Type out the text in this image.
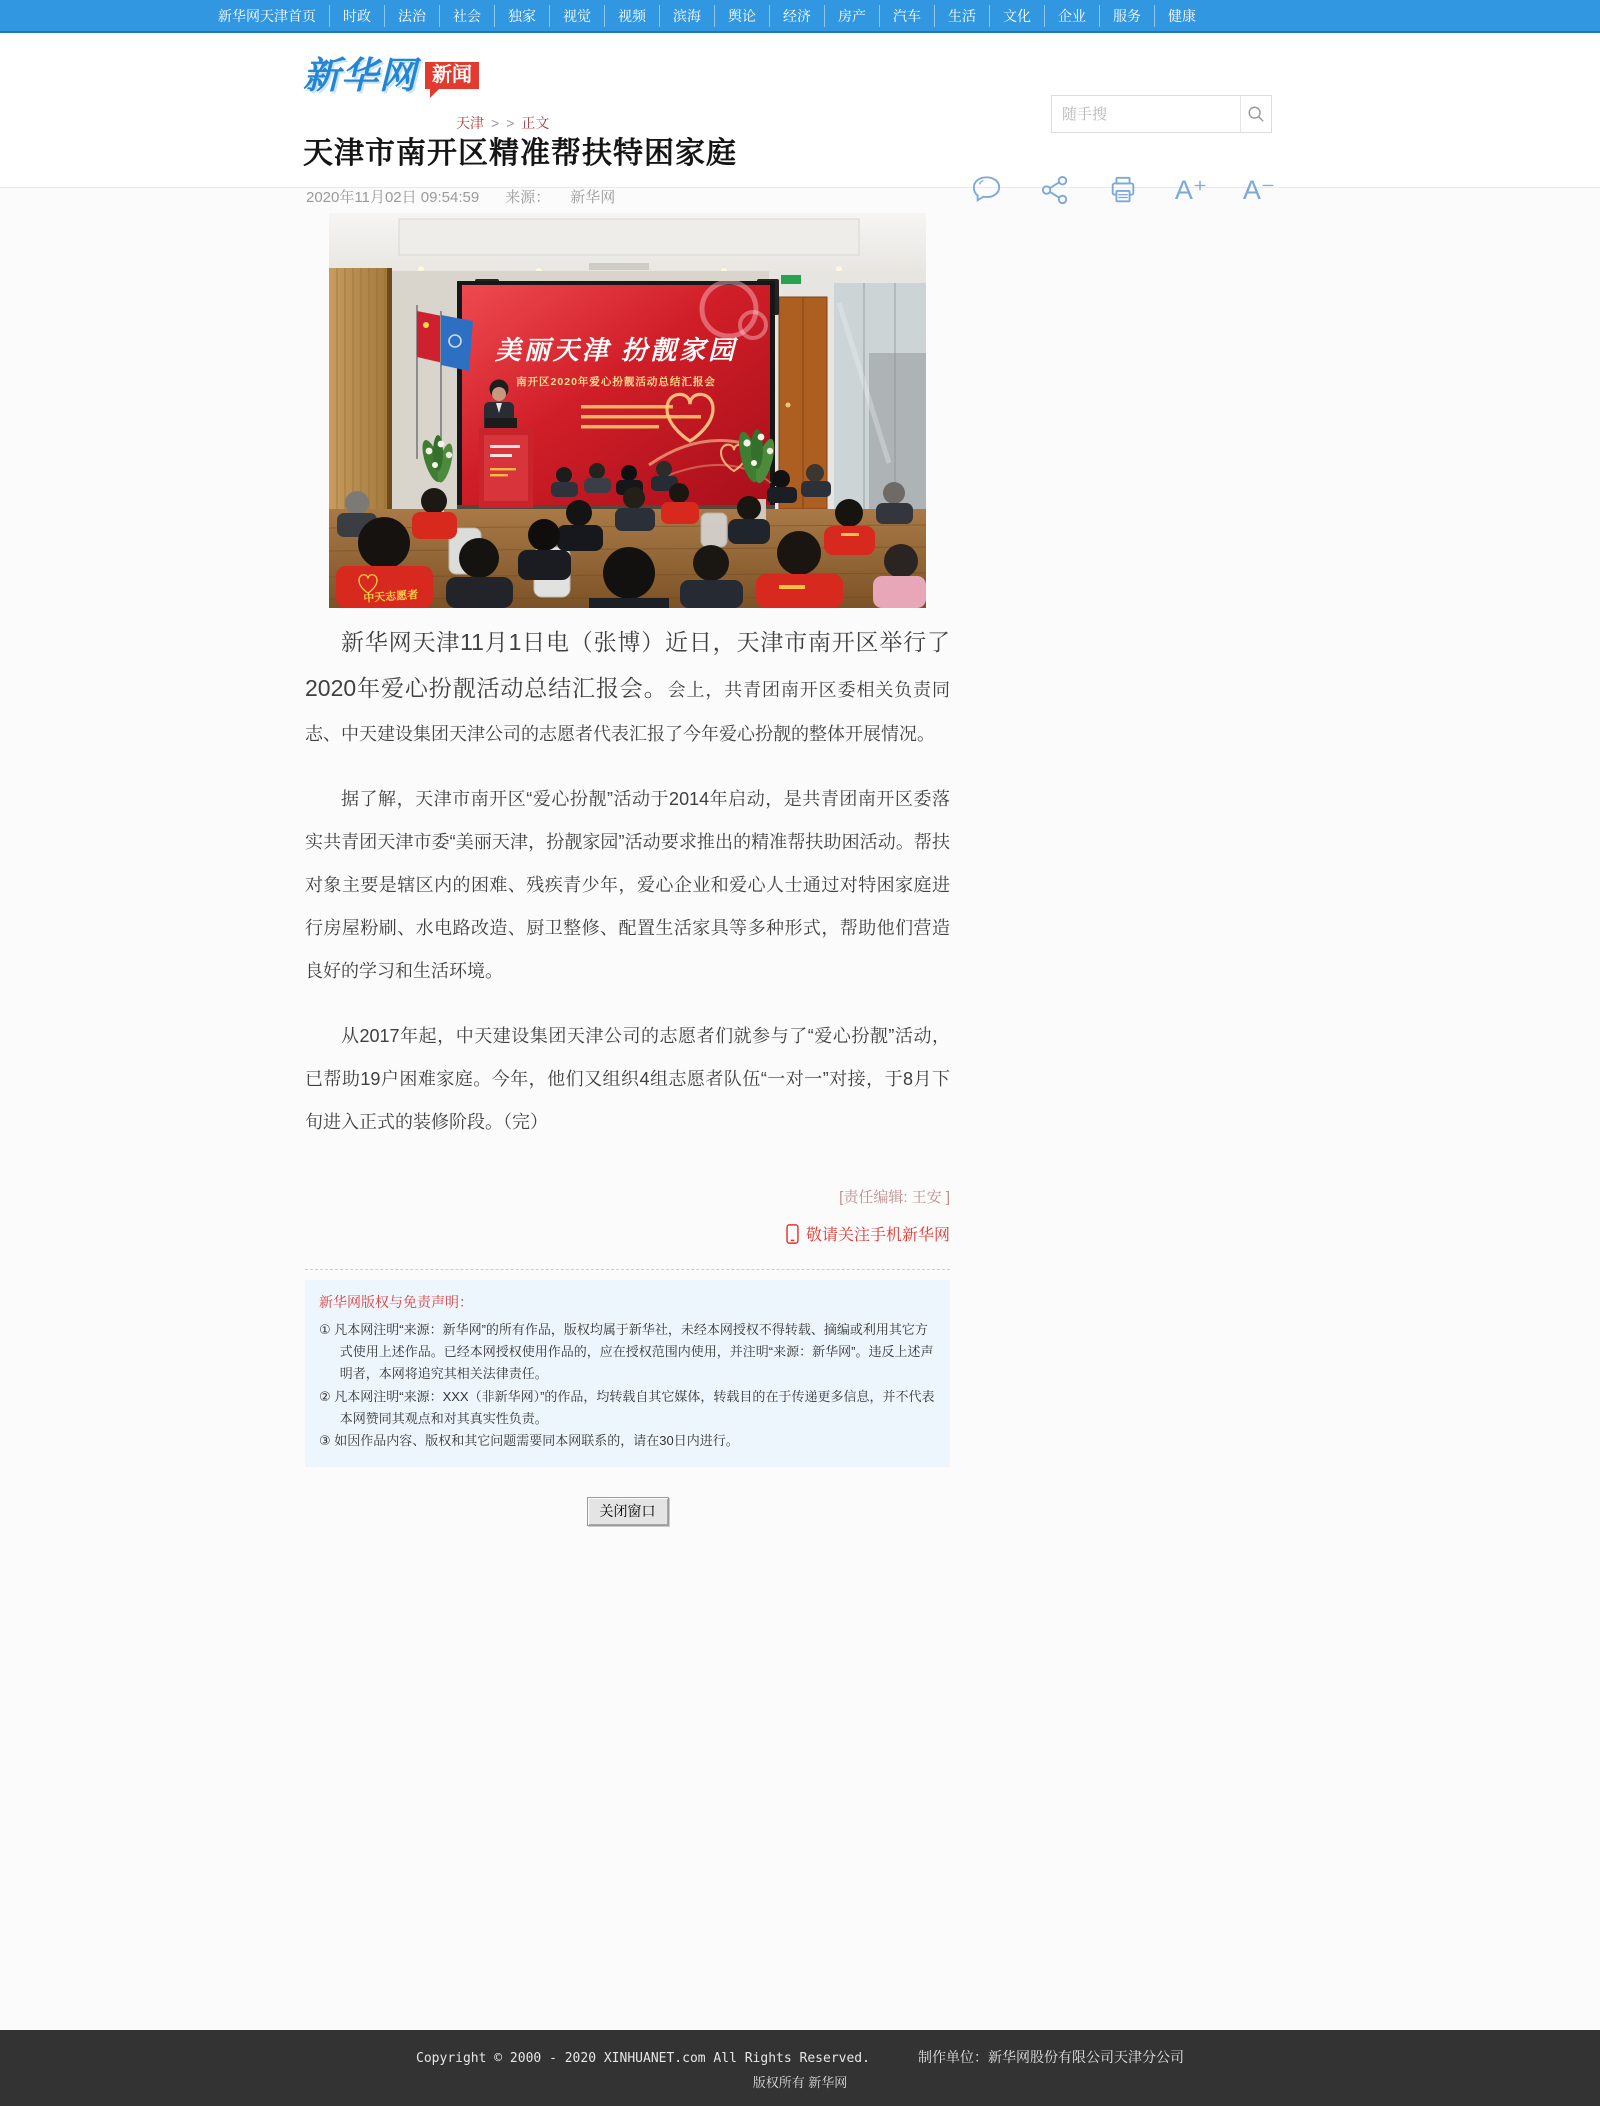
新华网天津首页	时政	法治	社会	独家	视觉	视频	滨海	舆论	经济	房产	汽车	生活	文化	企业	服务	健康
新华网 新闻
天津 > > 正文
随手搜
天津市南开区精准帮扶特困家庭
2020年11月02日 09:54:59 来源： 新华网	A⁺ A⁻
美丽天津 扮靓家园
南开区2020年爱心扮靓活动总结汇报会
中天志愿者

新华网天津11月1日电（张博）近日，天津市南开区举行了2020年爱心扮靓活动总结汇报会。会上，共青团南开区委相关负责同志、中天建设集团天津公司的志愿者代表汇报了今年爱心扮靓的整体开展情况。

据了解，天津市南开区“爱心扮靓”活动于2014年启动，是共青团南开区委落实共青团天津市委“美丽天津，扮靓家园”活动要求推出的精准帮扶助困活动。帮扶对象主要是辖区内的困难、残疾青少年，爱心企业和爱心人士通过对特困家庭进行房屋粉刷、水电路改造、厨卫整修、配置生活家具等多种形式，帮助他们营造良好的学习和生活环境。

从2017年起，中天建设集团天津公司的志愿者们就参与了“爱心扮靓”活动，已帮助19户困难家庭。今年，他们又组织4组志愿者队伍“一对一”对接，于8月下旬进入正式的装修阶段。（完）

[责任编辑: 王安 ]
敬请关注手机新华网

新华网版权与免责声明：

① 凡本网注明“来源：新华网”的所有作品，版权均属于新华社，未经本网授权不得转载、摘编或利用其它方式使用上述作品。已经本网授权使用作品的，应在授权范围内使用，并注明“来源：新华网”。违反上述声明者，本网将追究其相关法律责任。

② 凡本网注明“来源：XXX（非新华网）”的作品，均转载自其它媒体，转载目的在于传递更多信息，并不代表本网赞同其观点和对其真实性负责。

③ 如因作品内容、版权和其它问题需要同本网联系的，请在30日内进行。

关闭窗口
Copyright © 2000 - 2020 XINHUANET.com All Rights Reserved.	制作单位：新华网股份有限公司天津分公司
版权所有 新华网
